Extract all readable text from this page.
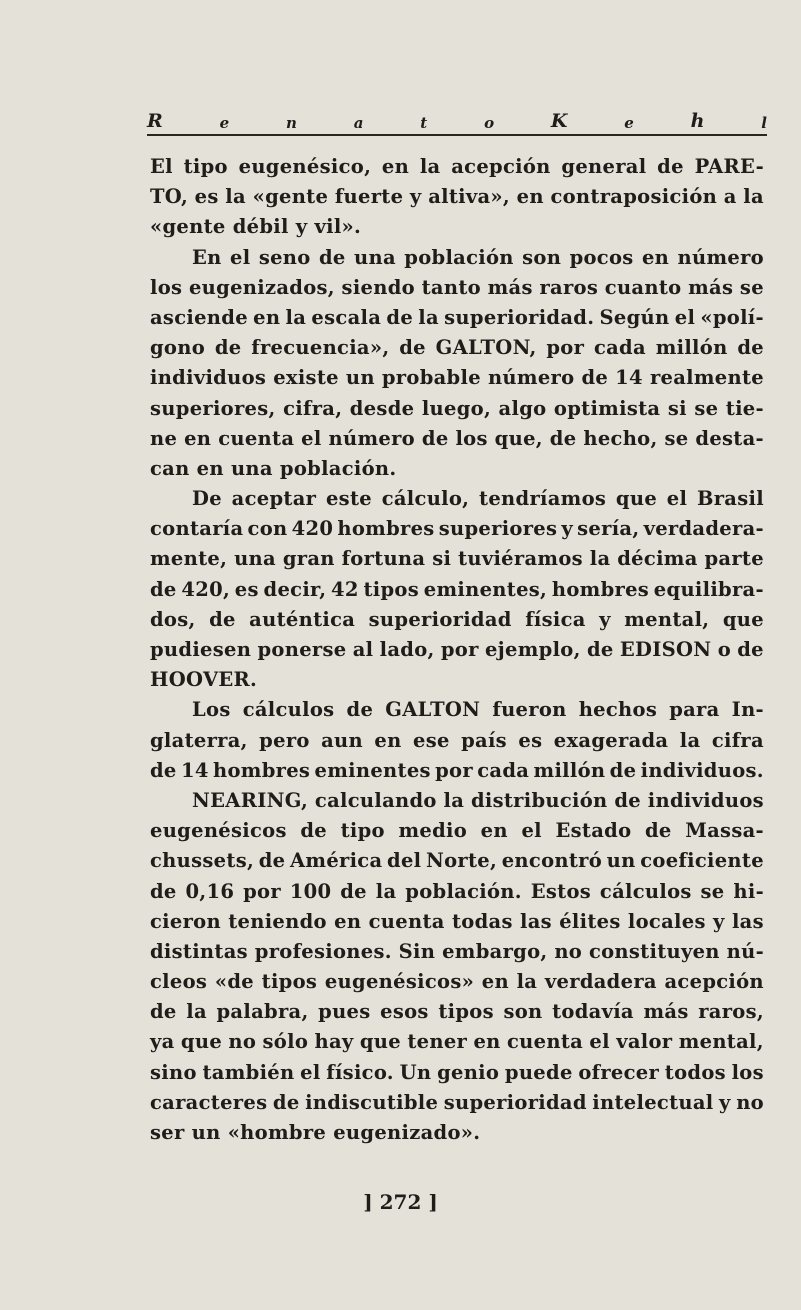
R	e	n	a	t	o	K	e	h	l
El tipo eugenésico, en la acepción general de PARE-
TO, es la «gente fuerte y altiva», en contraposición a la
«gente débil y vil».
En el seno de una población son pocos en número
los eugenizados, siendo tanto más raros cuanto más se
asciende en la escala de la superioridad. Según el «polí-
gono de frecuencia», de GALTON, por cada millón de
individuos existe un probable número de 14 realmente
superiores, cifra, desde luego, algo optimista si se tie-
ne en cuenta el número de los que, de hecho, se desta-
can en una población.
De aceptar este cálculo, tendríamos que el Brasil
contaría con 420 hombres superiores y sería, verdadera-
mente, una gran fortuna si tuviéramos la décima parte
de 420, es decir, 42 tipos eminentes, hombres equilibra-
dos, de auténtica superioridad física y mental, que
pudiesen ponerse al lado, por ejemplo, de EDISON o de
HOOVER.
Los cálculos de GALTON fueron hechos para In-
glaterra, pero aun en ese país es exagerada la cifra
de 14 hombres eminentes por cada millón de individuos.
NEARING, calculando la distribución de individuos
eugenésicos de tipo medio en el Estado de Massa-
chussets, de América del Norte, encontró un coeficiente
de 0,16 por 100 de la población. Estos cálculos se hi-
cieron teniendo en cuenta todas las élites locales y las
distintas profesiones. Sin embargo, no constituyen nú-
cleos «de tipos eugenésicos» en la verdadera acepción
de la palabra, pues esos tipos son todavía más raros,
ya que no sólo hay que tener en cuenta el valor mental,
sino también el físico. Un genio puede ofrecer todos los
caracteres de indiscutible superioridad intelectual y no
ser un «hombre eugenizado».
] 272 ]
